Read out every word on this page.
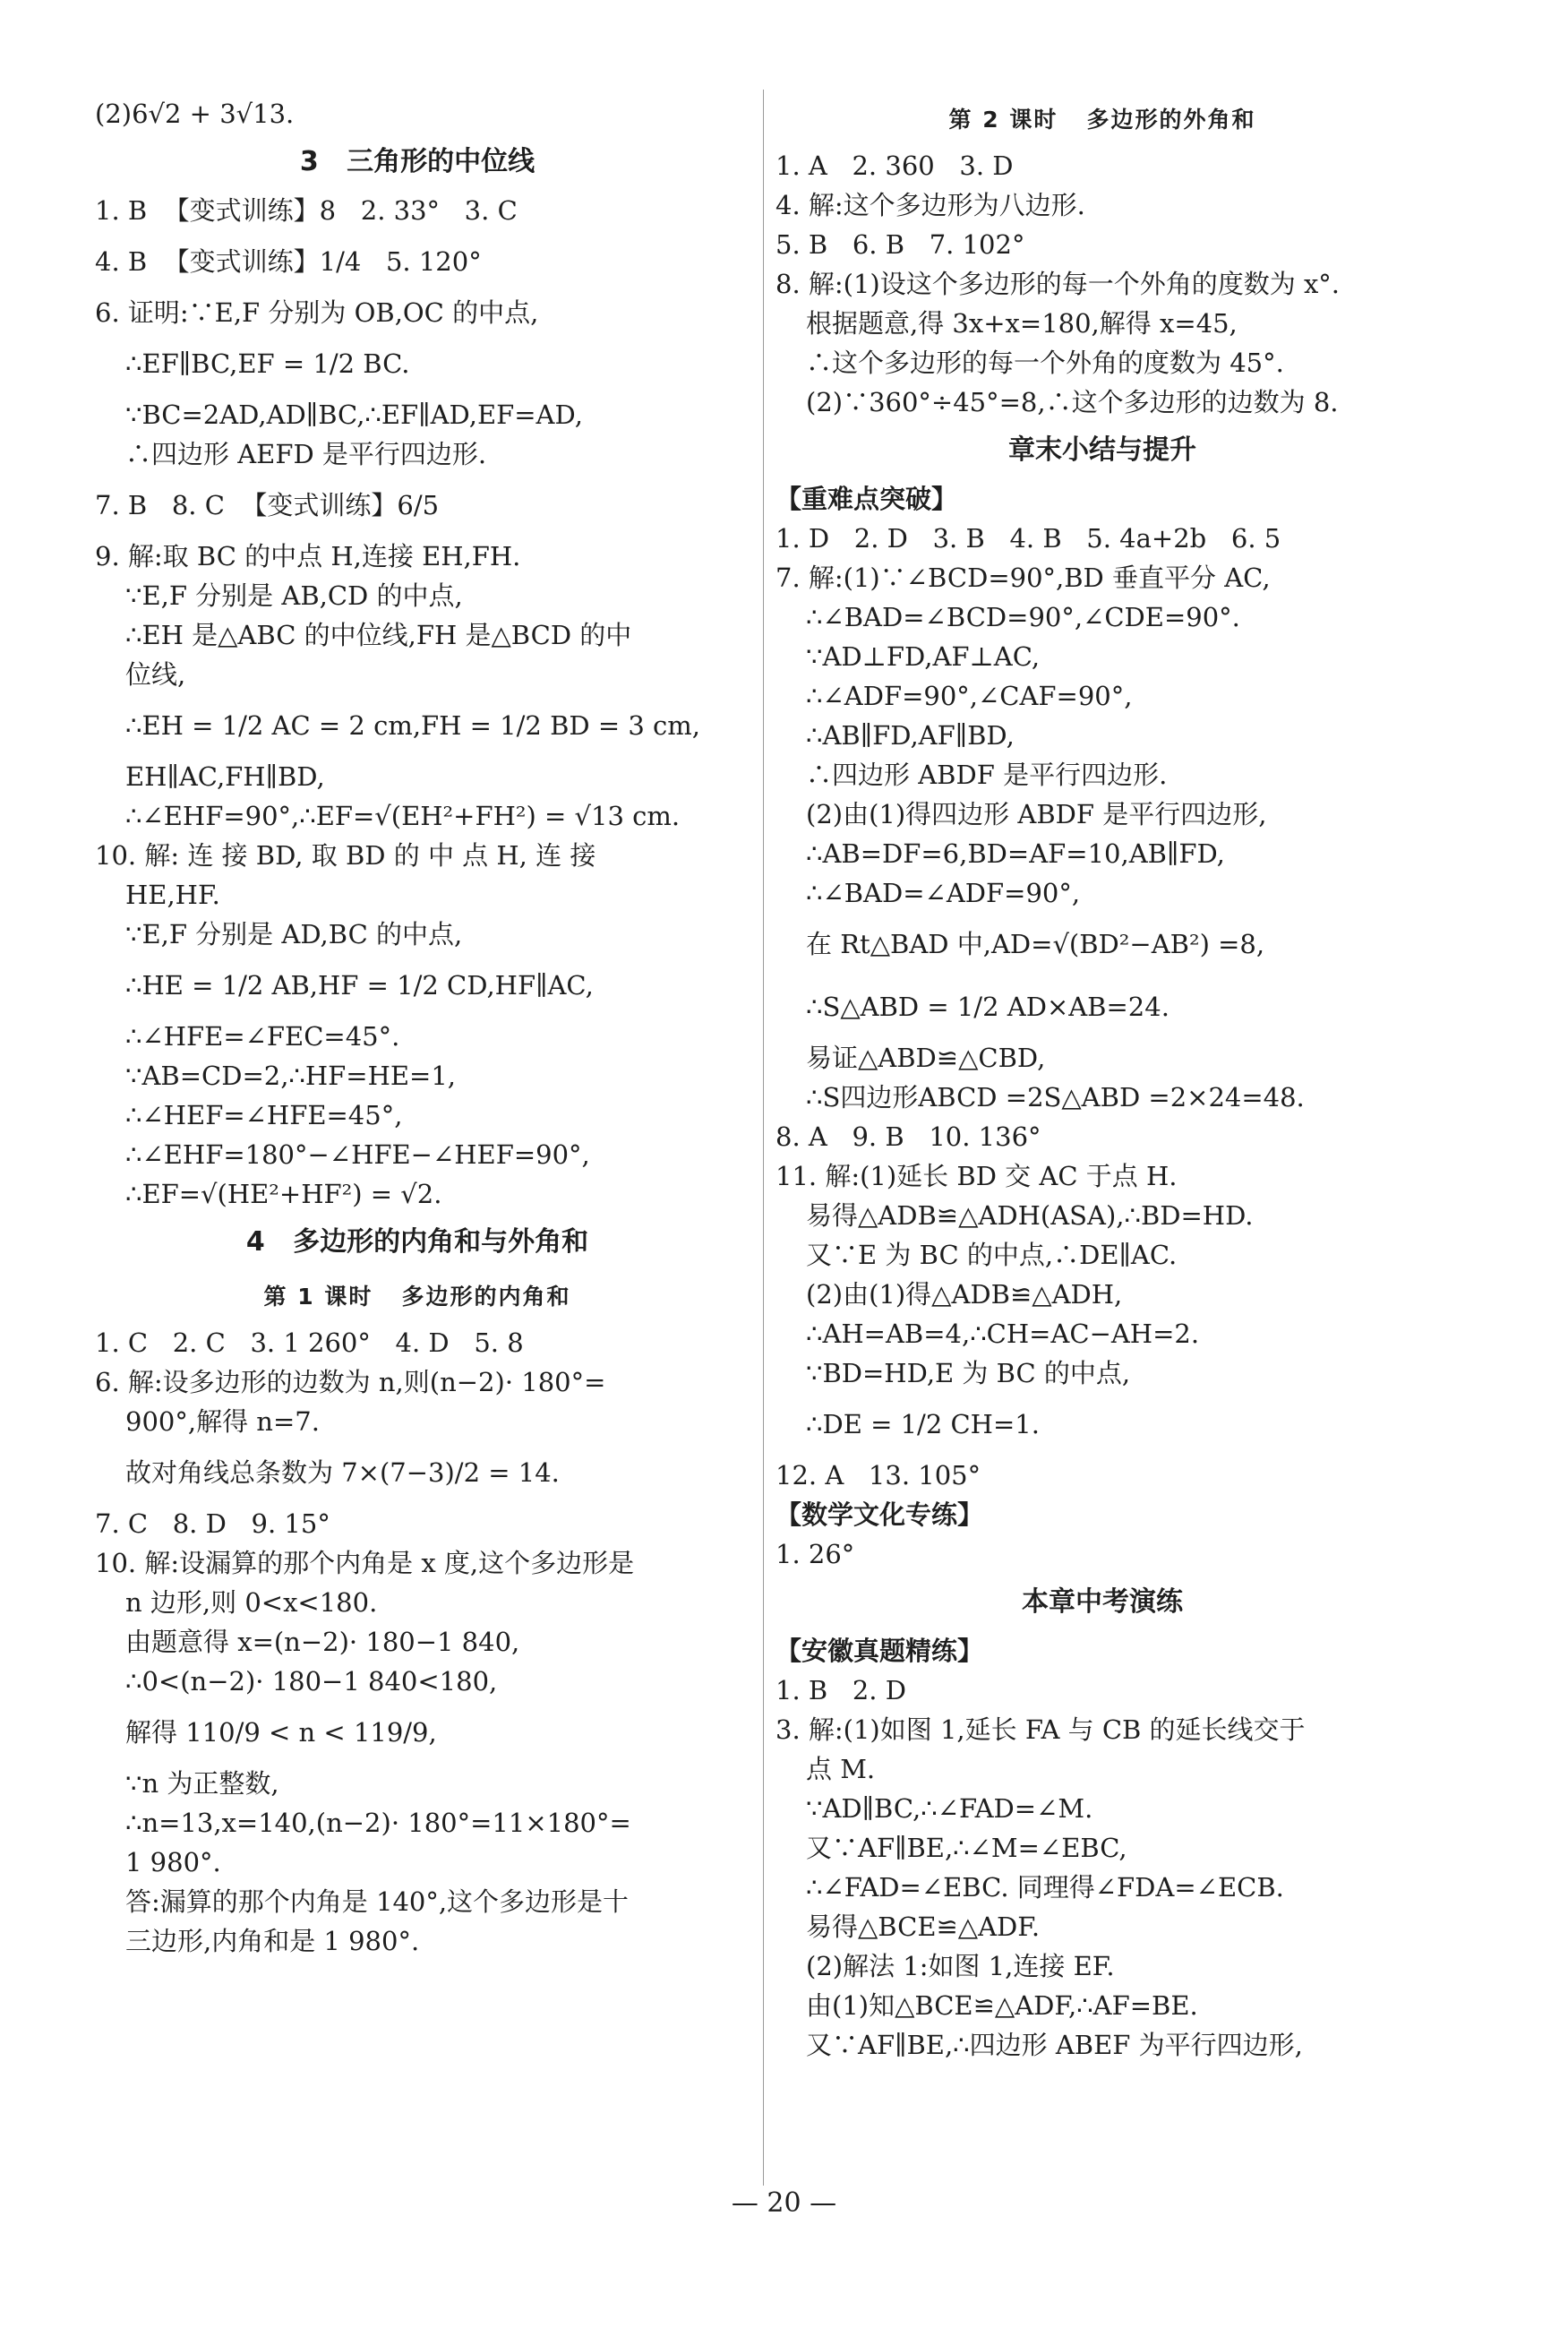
(2)6√2 + 3√13.
3   三角形的中位线
1. B  【变式训练】8   2. 33°   3. C
4. B  【变式训练】1/4   5. 120°
6. 证明:∵E,F 分别为 OB,OC 的中点,
∴EF∥BC,EF = 1/2 BC.
∵BC=2AD,AD∥BC,∴EF∥AD,EF=AD,
∴四边形 AEFD 是平行四边形.
7. B   8. C  【变式训练】6/5
9. 解:取 BC 的中点 H,连接 EH,FH.
∵E,F 分别是 AB,CD 的中点,
∴EH 是△ABC 的中位线,FH 是△BCD 的中
位线,
∴EH = 1/2 AC = 2 cm,FH = 1/2 BD = 3 cm,
EH∥AC,FH∥BD,
∴∠EHF=90°,∴EF=√(EH²+FH²) = √13 cm.
10. 解: 连 接 BD, 取 BD 的 中 点 H, 连 接
HE,HF.
∵E,F 分别是 AD,BC 的中点,
∴HE = 1/2 AB,HF = 1/2 CD,HF∥AC,
∴∠HFE=∠FEC=45°.
∵AB=CD=2,∴HF=HE=1,
∴∠HEF=∠HFE=45°,
∴∠EHF=180°−∠HFE−∠HEF=90°,
∴EF=√(HE²+HF²) = √2.
4   多边形的内角和与外角和
第 1 课时   多边形的内角和
1. C   2. C   3. 1 260°   4. D   5. 8
6. 解:设多边形的边数为 n,则(n−2)· 180°=
900°,解得 n=7.
故对角线总条数为 7×(7−3)/2 = 14.
7. C   8. D   9. 15°
10. 解:设漏算的那个内角是 x 度,这个多边形是
n 边形,则 0<x<180.
由题意得 x=(n−2)· 180−1 840,
∴0<(n−2)· 180−1 840<180,
解得 110/9 < n < 119/9,
∵n 为正整数,
∴n=13,x=140,(n−2)· 180°=11×180°=
1 980°.
答:漏算的那个内角是 140°,这个多边形是十
三边形,内角和是 1 980°.
第 2 课时   多边形的外角和
1. A   2. 360   3. D
4. 解:这个多边形为八边形.
5. B   6. B   7. 102°
8. 解:(1)设这个多边形的每一个外角的度数为 x°.
根据题意,得 3x+x=180,解得 x=45,
∴这个多边形的每一个外角的度数为 45°.
(2)∵360°÷45°=8,∴这个多边形的边数为 8.
章末小结与提升
【重难点突破】
1. D   2. D   3. B   4. B   5. 4a+2b   6. 5
7. 解:(1)∵∠BCD=90°,BD 垂直平分 AC,
∴∠BAD=∠BCD=90°,∠CDE=90°.
∵AD⊥FD,AF⊥AC,
∴∠ADF=90°,∠CAF=90°,
∴AB∥FD,AF∥BD,
∴四边形 ABDF 是平行四边形.
(2)由(1)得四边形 ABDF 是平行四边形,
∴AB=DF=6,BD=AF=10,AB∥FD,
∴∠BAD=∠ADF=90°,
在 Rt△BAD 中,AD=√(BD²−AB²) =8,
∴S△ABD = 1/2 AD×AB=24.
易证△ABD≌△CBD,
∴S四边形ABCD =2S△ABD =2×24=48.
8. A   9. B   10. 136°
11. 解:(1)延长 BD 交 AC 于点 H.
易得△ADB≌△ADH(ASA),∴BD=HD.
又∵E 为 BC 的中点,∴DE∥AC.
(2)由(1)得△ADB≌△ADH,
∴AH=AB=4,∴CH=AC−AH=2.
∵BD=HD,E 为 BC 的中点,
∴DE = 1/2 CH=1.
12. A   13. 105°
【数学文化专练】
1. 26°
本章中考演练
【安徽真题精练】
1. B   2. D
3. 解:(1)如图 1,延长 FA 与 CB 的延长线交于
点 M.
∵AD∥BC,∴∠FAD=∠M.
又∵AF∥BE,∴∠M=∠EBC,
∴∠FAD=∠EBC. 同理得∠FDA=∠ECB.
易得△BCE≌△ADF.
(2)解法 1:如图 1,连接 EF.
由(1)知△BCE≌△ADF,∴AF=BE.
又∵AF∥BE,∴四边形 ABEF 为平行四边形,
— 20 —
